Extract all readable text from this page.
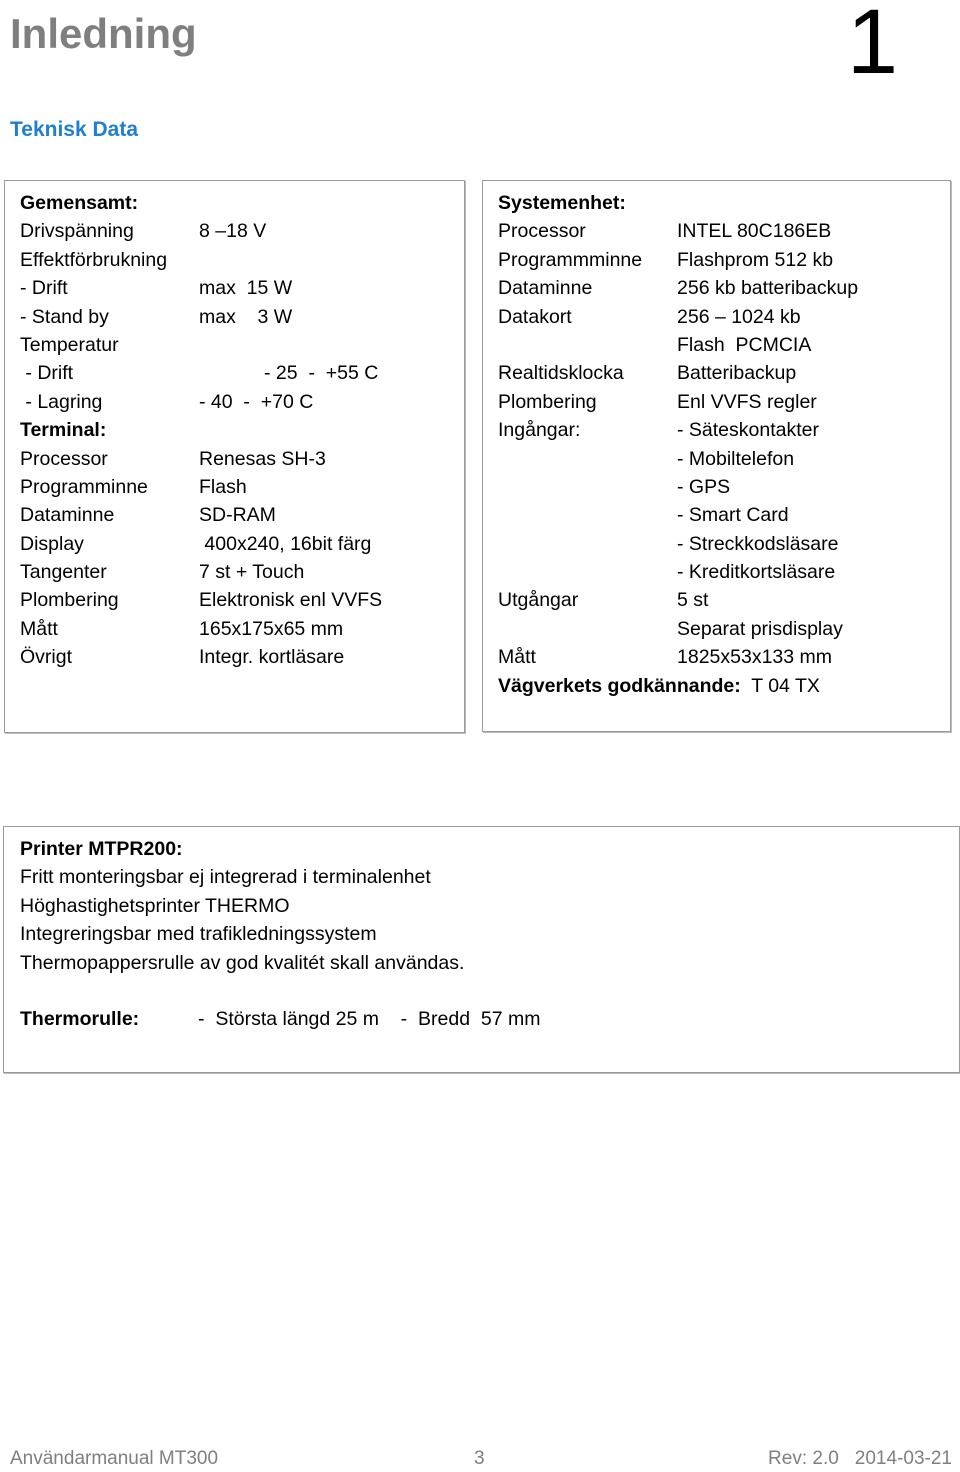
Inledning	1
Teknisk Data
Gemensamt:
Drivspänning	8 –18 V
Effektförbrukning
- Drift	max  15 W
- Stand by	max    3 W
Temperatur
- Drift	- 25  -  +55 C
- Lagring	- 40  -  +70 C
Terminal:
Processor	Renesas SH-3
Programminne	Flash
Dataminne	SD-RAM
Display	400x240, 16bit färg
Tangenter	7 st + Touch
Plombering	Elektronisk enl VVFS
Mått	165x175x65 mm
Övrigt	Integr. kortläsare
Systemenhet:
Processor	INTEL 80C186EB
Programmminne	Flashprom 512 kb
Dataminne	256 kb batteribackup
Datakort	256 – 1024 kb
Flash  PCMCIA
Realtidsklocka	Batteribackup
Plombering	Enl VVFS regler
Ingångar:	- Säteskontakter
- Mobiltelefon
- GPS
- Smart Card
- Streckkodsläsare
- Kreditkortsläsare
Utgångar	5 st
Separat prisdisplay
Mått	1825x53x133 mm
Vägverkets godkännande: T 04 TX
Printer MTPR200:
Fritt monteringsbar ej integrerad i terminalenhet
Höghastighetsprinter THERMO
Integreringsbar med trafikledningssystem
Thermopappersrulle av god kvalitét skall användas.
Thermorulle:	-  Största längd 25 m    -  Bredd  57 mm
Användarmanual MT300	3	Rev: 2.0 2014-03-21
